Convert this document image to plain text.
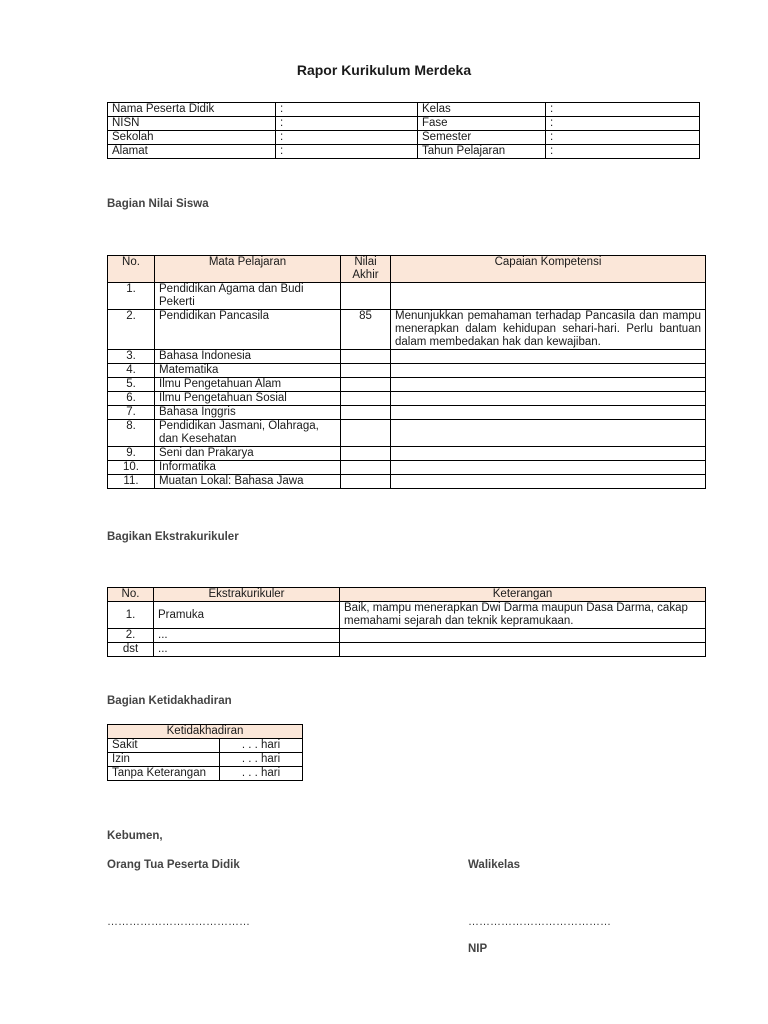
Rapor Kurikulum Merdeka
Nama Peserta Didik	:	Kelas	:
NISN	:	Fase	:
Sekolah	:	Semester	:
Alamat	:	Tahun Pelajaran	:
Bagian Nilai Siswa
No.	Mata Pelajaran	Nilai Akhir	Capaian Kompetensi
1.	Pendidikan Agama dan Budi Pekerti		
2.	Pendidikan Pancasila	85	Menunjukkan pemahaman terhadap Pancasila dan mampu menerapkan dalam kehidupan sehari-hari. Perlu bantuan dalam membedakan hak dan kewajiban.
3.	Bahasa Indonesia		
4.	Matematika		
5.	Ilmu Pengetahuan Alam		
6.	Ilmu Pengetahuan Sosial		
7.	Bahasa Inggris		
8.	Pendidikan Jasmani, Olahraga, dan Kesehatan		
9.	Seni dan Prakarya		
10.	Informatika		
11.	Muatan Lokal: Bahasa Jawa		
Bagikan Ekstrakurikuler
No.	Ekstrakurikuler	Keterangan
1.	Pramuka	Baik, mampu menerapkan Dwi Darma maupun Dasa Darma, cakap memahami sejarah dan teknik kepramukaan.
2.	...	
dst	...	
Bagian Ketidakhadiran
Ketidakhadiran	
Sakit	. . . hari
Izin	. . . hari
Tanpa Keterangan	. . . hari
Kebumen,
Orang Tua Peserta Didik	Walikelas
…………………………………	…………………………………
NIP
